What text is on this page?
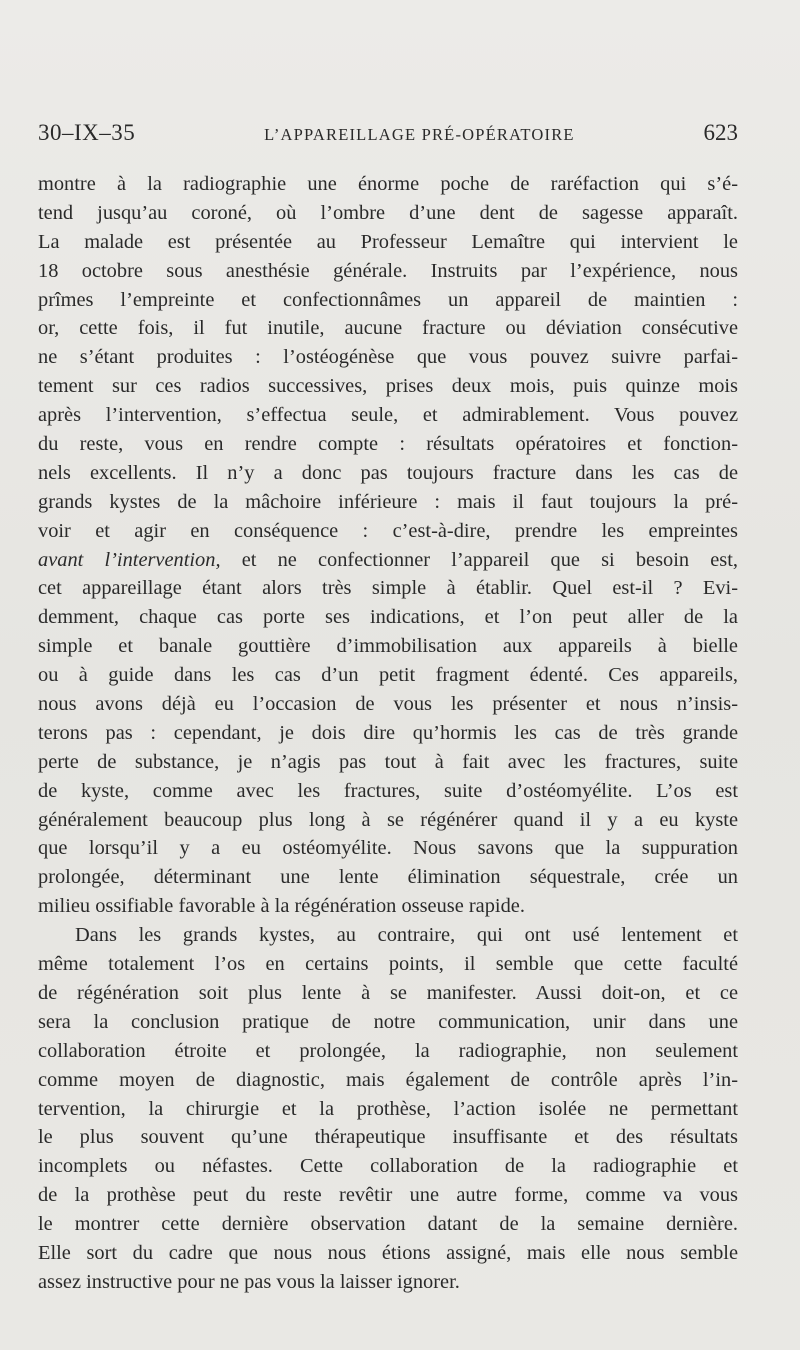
30–IX–35	L’APPAREILLAGE PRÉ-OPÉRATOIRE	623
montre à la radiographie une énorme poche de raréfaction qui s’é-
tend jusqu’au coroné, où l’ombre d’une dent de sagesse apparaît.
La malade est présentée au Professeur Lemaître qui intervient le
18 octobre sous anesthésie générale. Instruits par l’expérience, nous
prîmes l’empreinte et confectionnâmes un appareil de maintien :
or, cette fois, il fut inutile, aucune fracture ou déviation consécutive
ne s’étant produites : l’ostéogénèse que vous pouvez suivre parfai-
tement sur ces radios successives, prises deux mois, puis quinze mois
après l’intervention, s’effectua seule, et admirablement. Vous pouvez
du reste, vous en rendre compte : résultats opératoires et fonction-
nels excellents. Il n’y a donc pas toujours fracture dans les cas de
grands kystes de la mâchoire inférieure : mais il faut toujours la pré-
voir et agir en conséquence : c’est-à-dire, prendre les empreintes
avant l’intervention, et ne confectionner l’appareil que si besoin est,
cet appareillage étant alors très simple à établir. Quel est-il ? Evi-
demment, chaque cas porte ses indications, et l’on peut aller de la
simple et banale gouttière d’immobilisation aux appareils à bielle
ou à guide dans les cas d’un petit fragment édenté. Ces appareils,
nous avons déjà eu l’occasion de vous les présenter et nous n’insis-
terons pas : cependant, je dois dire qu’hormis les cas de très grande
perte de substance, je n’agis pas tout à fait avec les fractures, suite
de kyste, comme avec les fractures, suite d’ostéomyélite. L’os est
généralement beaucoup plus long à se régénérer quand il y a eu kyste
que lorsqu’il y a eu ostéomyélite. Nous savons que la suppuration
prolongée, déterminant une lente élimination séquestrale, crée un
milieu ossifiable favorable à la régénération osseuse rapide.
Dans les grands kystes, au contraire, qui ont usé lentement et
même totalement l’os en certains points, il semble que cette faculté
de régénération soit plus lente à se manifester. Aussi doit-on, et ce
sera la conclusion pratique de notre communication, unir dans une
collaboration étroite et prolongée, la radiographie, non seulement
comme moyen de diagnostic, mais également de contrôle après l’in-
tervention, la chirurgie et la prothèse, l’action isolée ne permettant
le plus souvent qu’une thérapeutique insuffisante et des résultats
incomplets ou néfastes. Cette collaboration de la radiographie et
de la prothèse peut du reste revêtir une autre forme, comme va vous
le montrer cette dernière observation datant de la semaine dernière.
Elle sort du cadre que nous nous étions assigné, mais elle nous semble
assez instructive pour ne pas vous la laisser ignorer.
